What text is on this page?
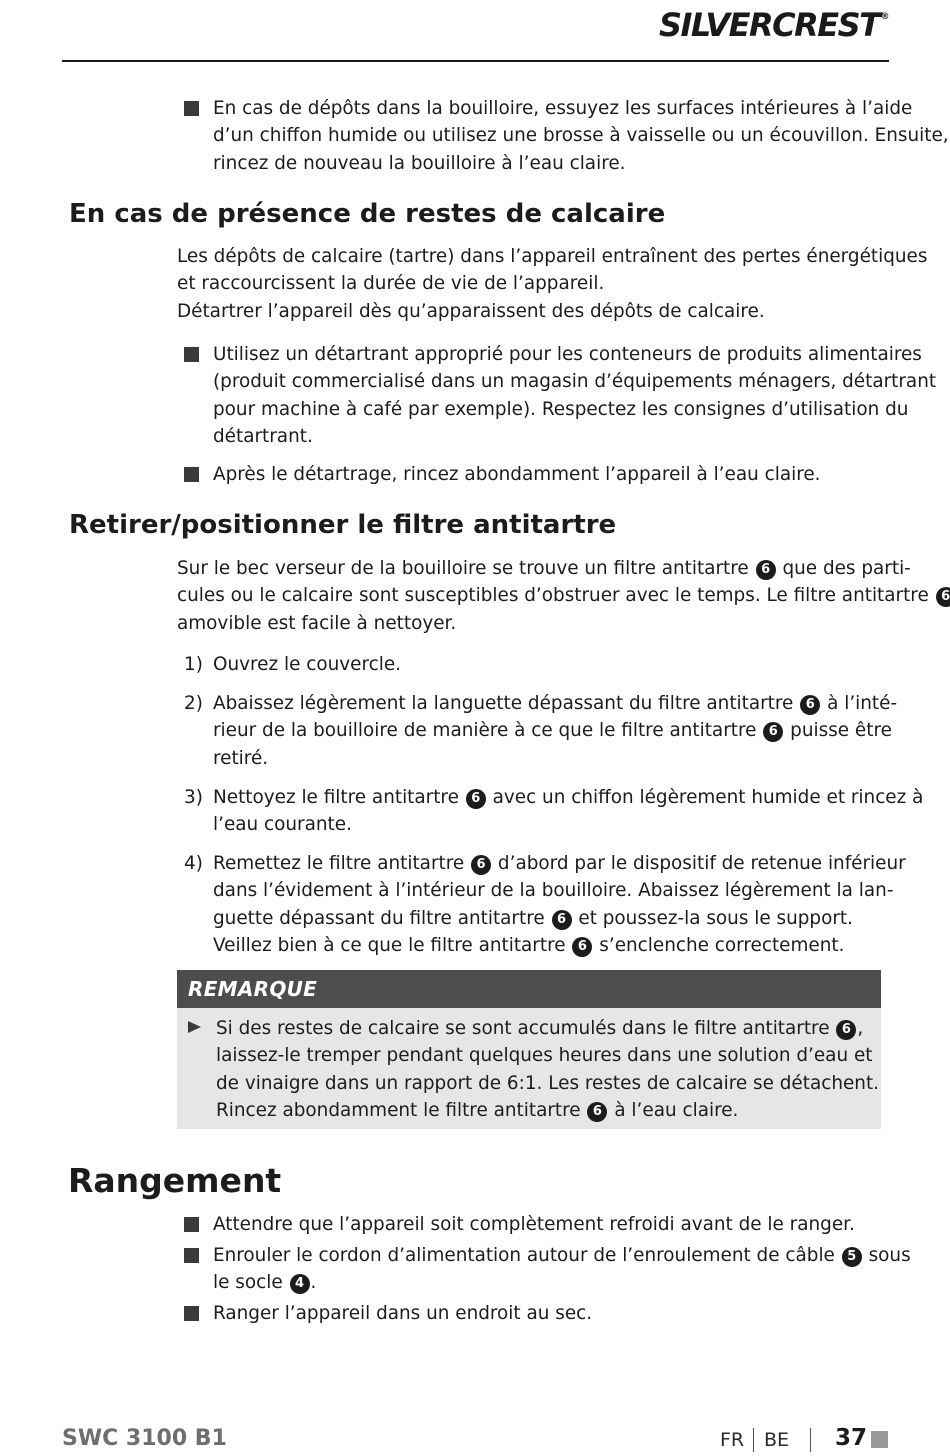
SILVERCREST®
En cas de dépôts dans la bouilloire, essuyez les surfaces intérieures à l’aide
d’un chiffon humide ou utilisez une brosse à vaisselle ou un écouvillon. Ensuite,
rincez de nouveau la bouilloire à l’eau claire.
En cas de présence de restes de calcaire
Les dépôts de calcaire (tartre) dans l’appareil entraînent des pertes énergétiques
et raccourcissent la durée de vie de l’appareil.
Détartrer l’appareil dès qu’apparaissent des dépôts de calcaire.
Utilisez un détartrant approprié pour les conteneurs de produits alimentaires
(produit commercialisé dans un magasin d’équipements ménagers, détartrant
pour machine à café par exemple). Respectez les consignes d’utilisation du
détartrant.
Après le détartrage, rincez abondamment l’appareil à l’eau claire.
Retirer/positionner le filtre antitartre
Sur le bec verseur de la bouilloire se trouve un filtre antitartre 6 que des parti-
cules ou le calcaire sont susceptibles d’obstruer avec le temps. Le filtre antitartre 6
amovible est facile à nettoyer.
1) Ouvrez le couvercle.
2) Abaissez légèrement la languette dépassant du filtre antitartre 6 à l’inté-
rieur de la bouilloire de manière à ce que le filtre antitartre 6 puisse être
retiré.
3) Nettoyez le filtre antitartre 6 avec un chiffon légèrement humide et rincez à
l’eau courante.
4) Remettez le filtre antitartre 6 d’abord par le dispositif de retenue inférieur
dans l’évidement à l’intérieur de la bouilloire. Abaissez légèrement la lan-
guette dépassant du filtre antitartre 6 et poussez-la sous le support.
Veillez bien à ce que le filtre antitartre 6 s’enclenche correctement.
REMARQUE
Si des restes de calcaire se sont accumulés dans le filtre antitartre 6 ,
laissez-le tremper pendant quelques heures dans une solution d’eau et
de vinaigre dans un rapport de 6:1. Les restes de calcaire se détachent.
Rincez abondamment le filtre antitartre 6 à l’eau claire.
Rangement
Attendre que l’appareil soit complètement refroidi avant de le ranger.
Enrouler le cordon d’alimentation autour de l’enroulement de câble 5 sous
le socle 4 .
Ranger l’appareil dans un endroit au sec.
SWC 3100 B1	FR BE 37
